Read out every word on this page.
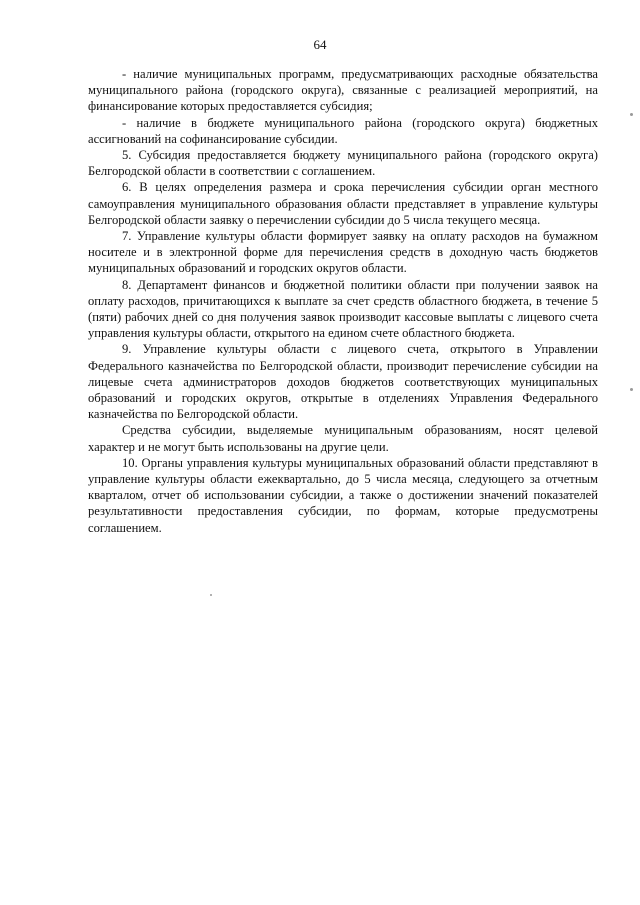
64

- наличие муниципальных программ, предусматривающих расходные обязательства муниципального района (городского округа), связанные с реализацией мероприятий, на финансирование которых предоставляется субсидия;

- наличие в бюджете муниципального района (городского округа) бюджетных ассигнований на софинансирование субсидии.

5. Субсидия предоставляется бюджету муниципального района (городского округа) Белгородской области в соответствии с соглашением.

6. В целях определения размера и срока перечисления субсидии орган местного самоуправления муниципального образования области представляет в управление культуры Белгородской области заявку о перечислении субсидии до 5 числа текущего месяца.

7. Управление культуры области формирует заявку на оплату расходов на бумажном носителе и в электронной форме для перечисления средств в доходную часть бюджетов муниципальных образований и городских округов области.

8. Департамент финансов и бюджетной политики области при получении заявок на оплату расходов, причитающихся к выплате за счет средств областного бюджета, в течение 5 (пяти) рабочих дней со дня получения заявок производит кассовые выплаты с лицевого счета управления культуры области, открытого на едином счете областного бюджета.

9. Управление культуры области с лицевого счета, открытого в Управлении Федерального казначейства по Белгородской области, производит перечисление субсидии на лицевые счета администраторов доходов бюджетов соответствующих муниципальных образований и городских округов, открытые в отделениях Управления Федерального казначейства по Белгородской области.

Средства субсидии, выделяемые муниципальным образованиям, носят целевой характер и не могут быть использованы на другие цели.

10. Органы управления культуры муниципальных образований области представляют в управление культуры области ежеквартально, до 5 числа месяца, следующего за отчетным кварталом, отчет об использовании субсидии, а также о достижении значений показателей результативности предоставления субсидии, по формам, которые предусмотрены соглашением.
